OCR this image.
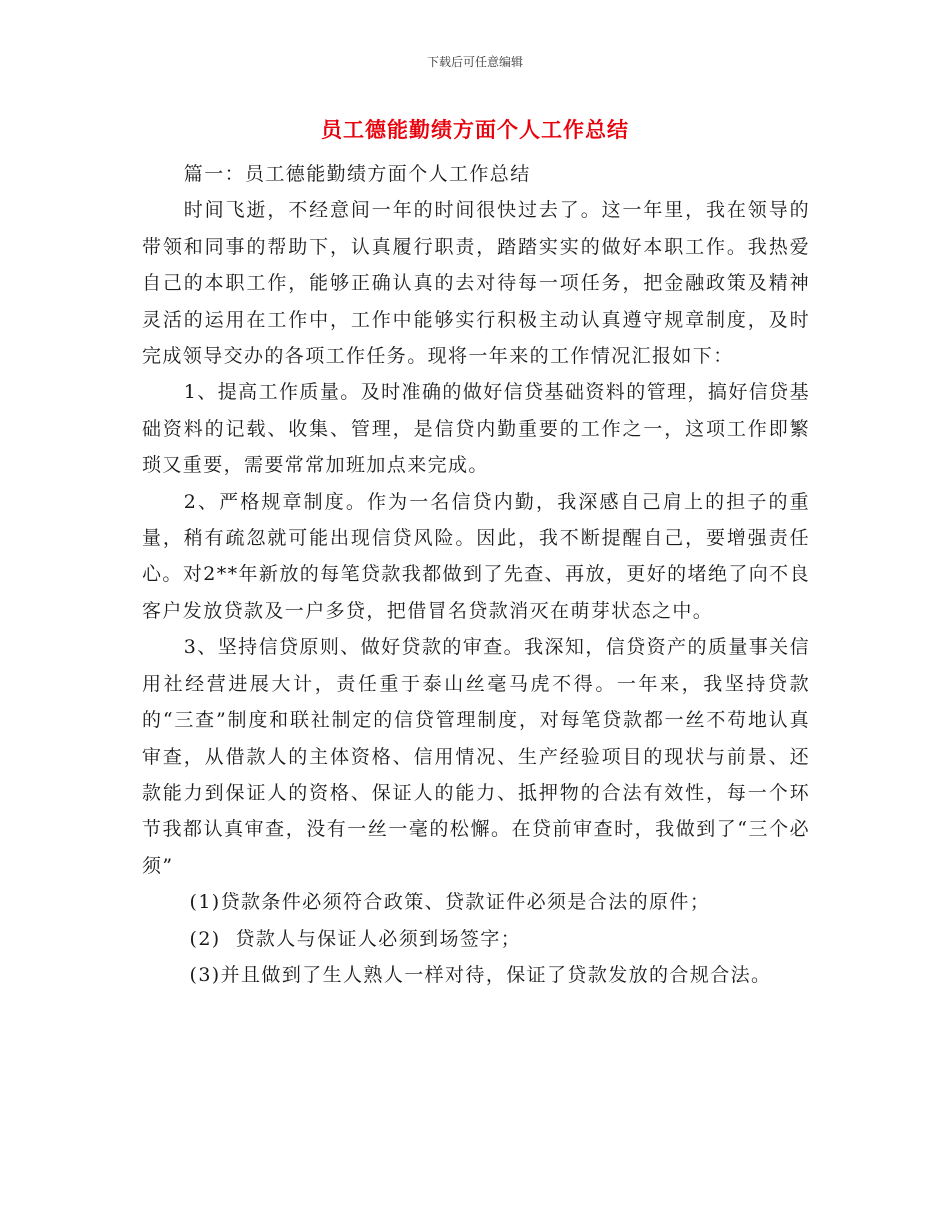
下载后可任意编辑
员工德能勤绩方面个人工作总结

篇一：员工德能勤绩方面个人工作总结

时间飞逝，不经意间一年的时间很快过去了。这一年里，我在领导的带领和同事的帮助下，认真履行职责，踏踏实实的做好本职工作。我热爱自己的本职工作，能够正确认真的去对待每一项任务，把金融政策及精神灵活的运用在工作中，工作中能够实行积极主动认真遵守规章制度，及时完成领导交办的各项工作任务。现将一年来的工作情况汇报如下：

1、提高工作质量。及时准确的做好信贷基础资料的管理，搞好信贷基础资料的记载、收集、管理，是信贷内勤重要的工作之一，这项工作即繁琐又重要，需要常常加班加点来完成。

2、严格规章制度。作为一名信贷内勤，我深感自己肩上的担子的重量，稍有疏忽就可能出现信贷风险。因此，我不断提醒自己，要增强责任心。对2**年新放的每笔贷款我都做到了先查、再放，更好的堵绝了向不良客户发放贷款及一户多贷，把借冒名贷款消灭在萌芽状态之中。

3、坚持信贷原则、做好贷款的审查。我深知，信贷资产的质量事关信用社经营进展大计，责任重于泰山丝毫马虎不得。一年来，我坚持贷款的“三查”制度和联社制定的信贷管理制度，对每笔贷款都一丝不苟地认真审查，从借款人的主体资格、信用情况、生产经验项目的现状与前景、还款能力到保证人的资格、保证人的能力、抵押物的合法有效性，每一个环节我都认真审查，没有一丝一毫的松懈。在贷前审查时，我做到了“三个必须”

(1)贷款条件必须符合政策、贷款证件必须是合法的原件；

(2)  贷款人与保证人必须到场签字；

(3)并且做到了生人熟人一样对待，保证了贷款发放的合规合法。
